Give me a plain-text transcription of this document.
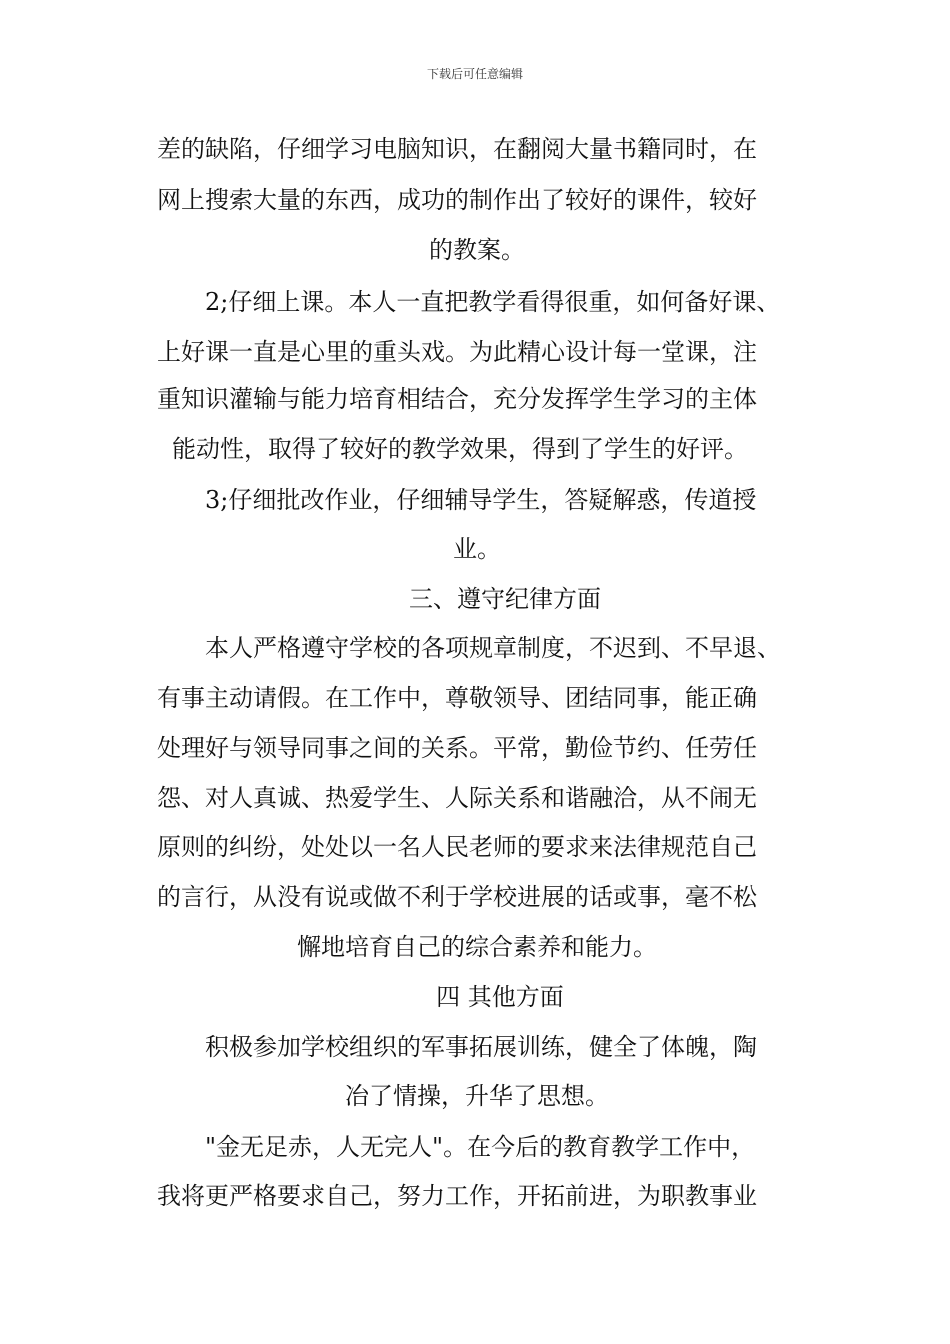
下载后可任意编辑
差的缺陷，仔细学习电脑知识，在翻阅大量书籍同时，在
网上搜索大量的东西，成功的制作出了较好的课件，较好
的教案。
2;仔细上课。本人一直把教学看得很重，如何备好课、
上好课一直是心里的重头戏。为此精心设计每一堂课，注
重知识灌输与能力培育相结合，充分发挥学生学习的主体
能动性，取得了较好的教学效果，得到了学生的好评。
3;仔细批改作业，仔细辅导学生，答疑解惑，传道授
业。
三、遵守纪律方面
本人严格遵守学校的各项规章制度，不迟到、不早退、
有事主动请假。在工作中，尊敬领导、团结同事，能正确
处理好与领导同事之间的关系。平常，勤俭节约、任劳任
怨、对人真诚、热爱学生、人际关系和谐融洽，从不闹无
原则的纠纷，处处以一名人民老师的要求来法律规范自己
的言行，从没有说或做不利于学校进展的话或事，毫不松
懈地培育自己的综合素养和能力。
四 其他方面
积极参加学校组织的军事拓展训练，健全了体魄，陶
冶了情操，升华了思想。
"金无足赤，人无完人"。在今后的教育教学工作中，
我将更严格要求自己，努力工作，开拓前进，为职教事业
